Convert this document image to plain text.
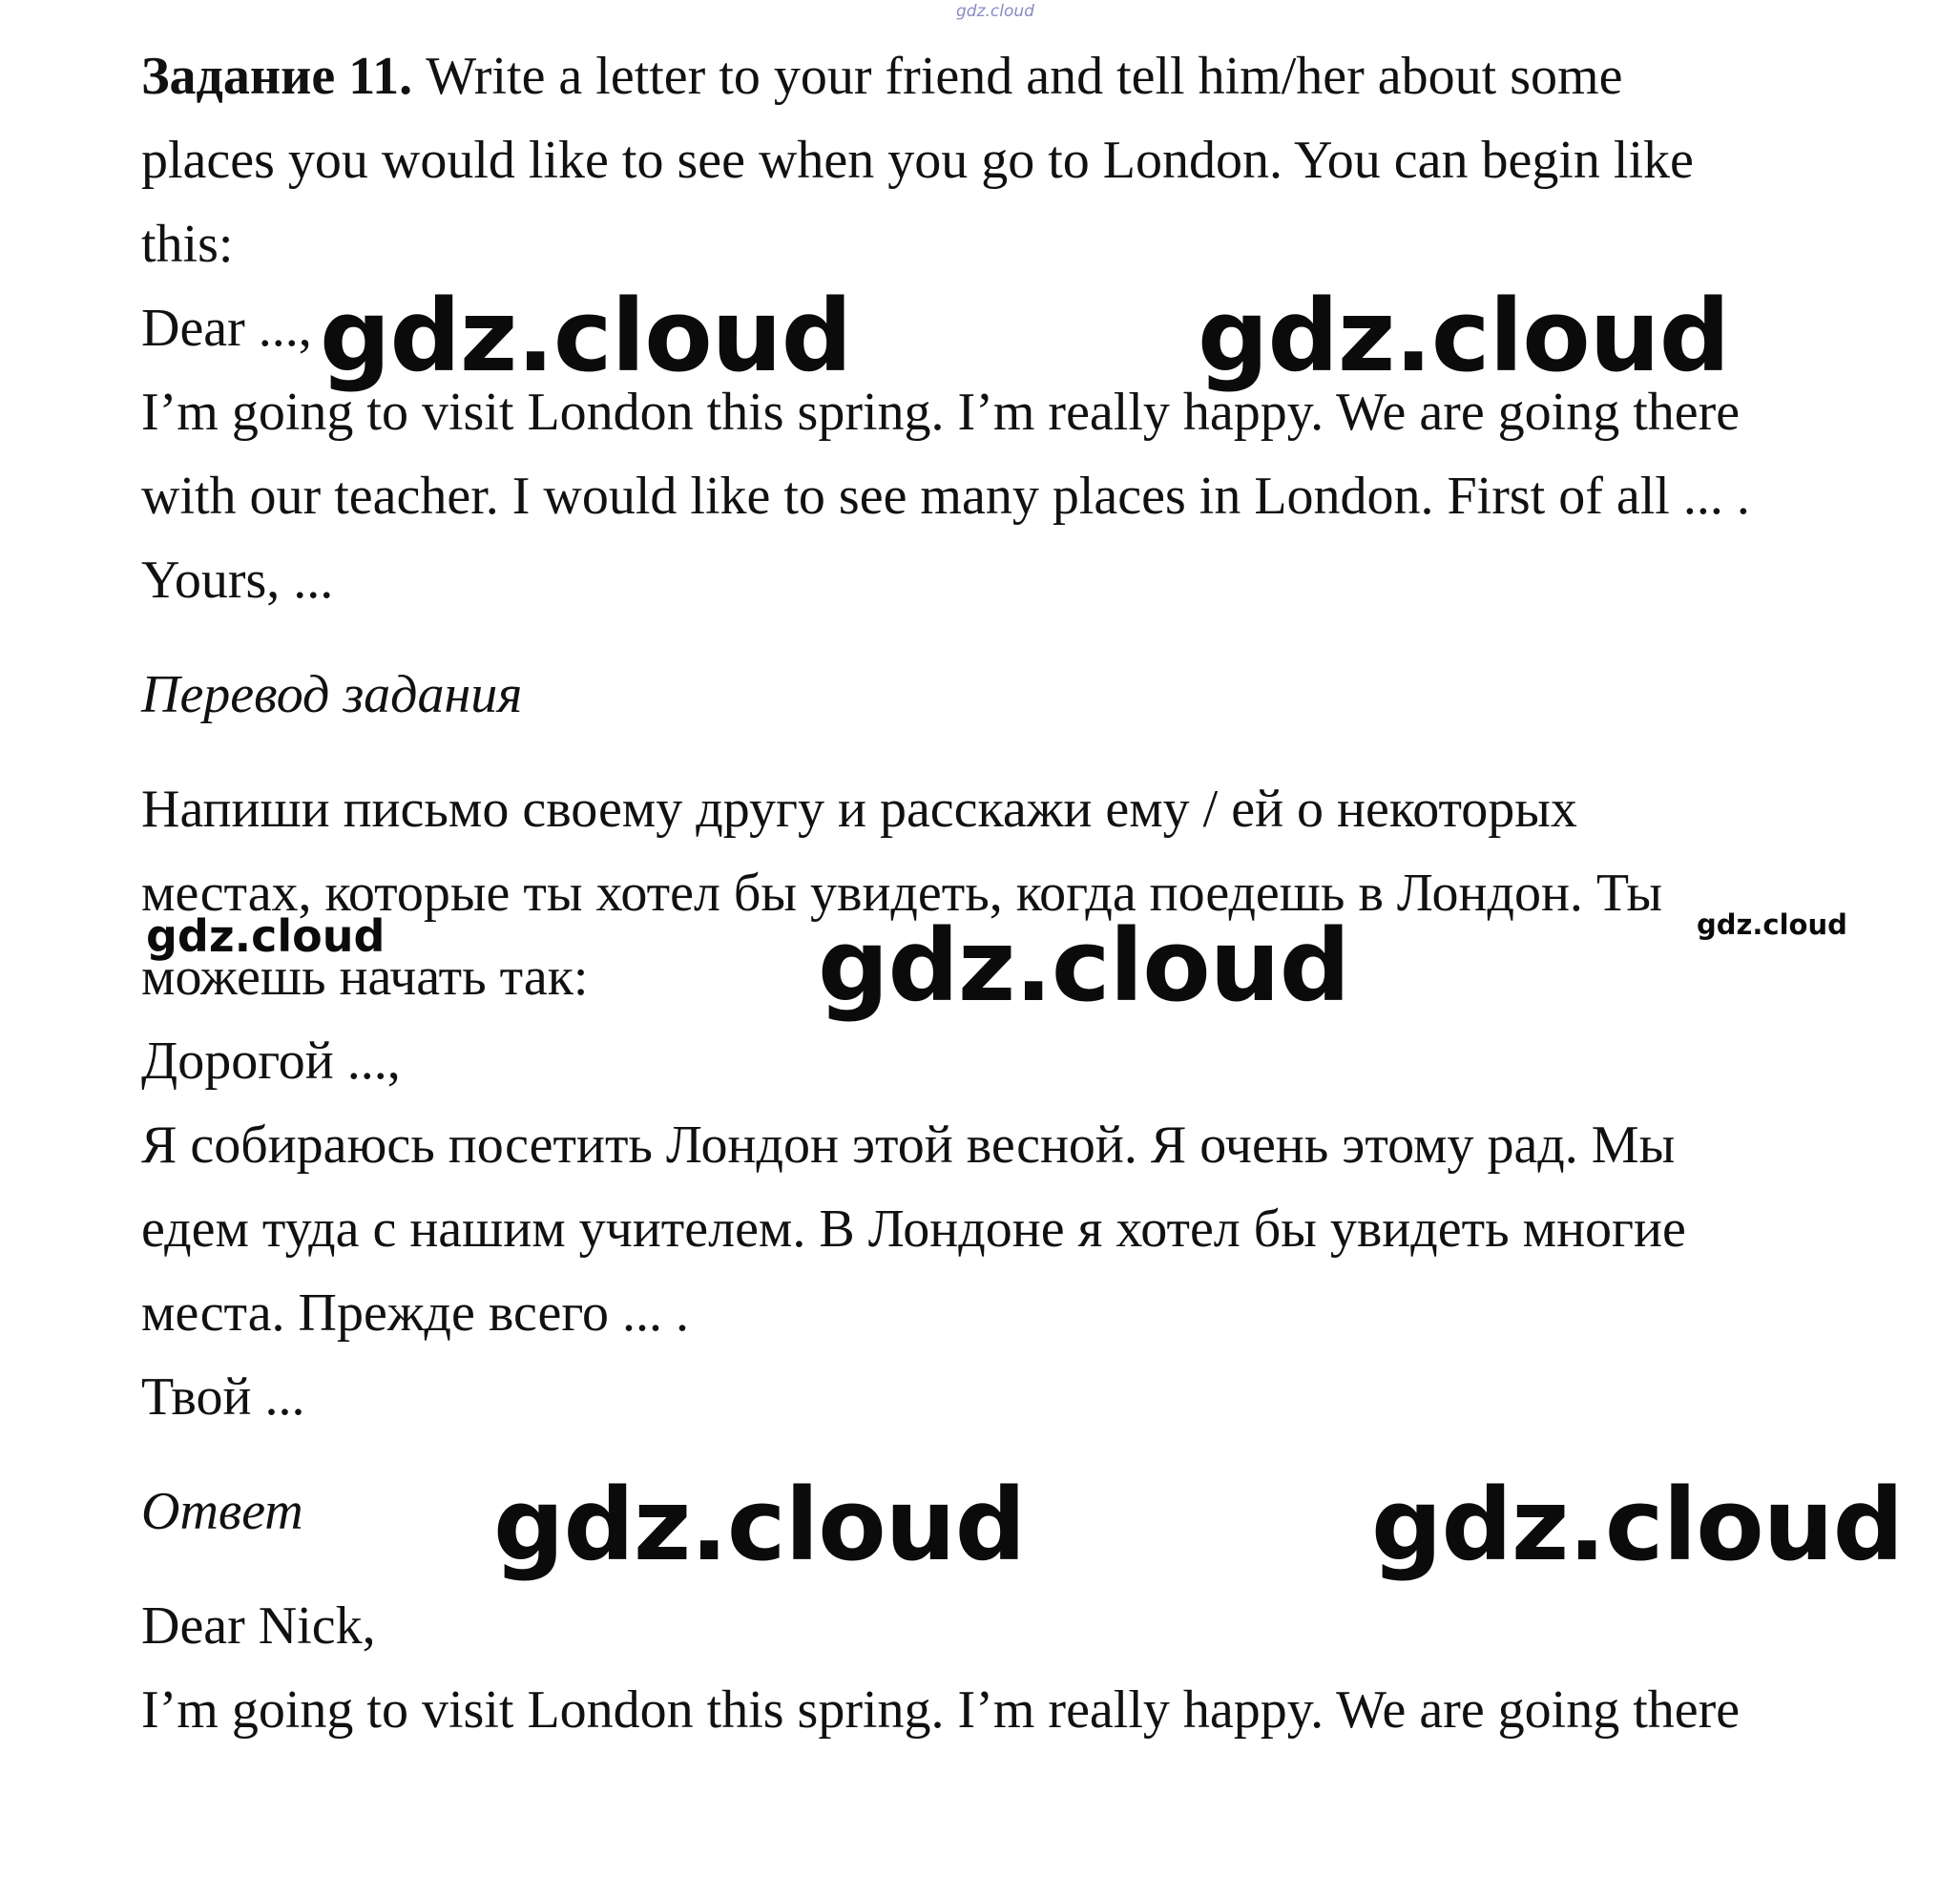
gdz.cloud
Задание 11. Write a letter to your friend and tell him/her about some
places you would like to see when you go to London. You can begin like
this:
Dear ...,
I’m going to visit London this spring. I’m really happy. We are going there
with our teacher. I would like to see many places in London. First of all ... .
Yours, ...
Перевод задания
Напиши письмо своему другу и расскажи ему / ей о некоторых
местах, которые ты хотел бы увидеть, когда поедешь в Лондон. Ты
можешь начать так:
Дорогой ...,
Я собираюсь посетить Лондон этой весной. Я очень этому рад. Мы
едем туда с нашим учителем. В Лондоне я хотел бы увидеть многие
места. Прежде всего ... .
Твой ...
Ответ
Dear Nick,
I’m going to visit London this spring. I’m really happy. We are going there
gdz.cloud	gdz.cloud
gdz.cloud	gdz.cloud	gdz.cloud
gdz.cloud	gdz.cloud
